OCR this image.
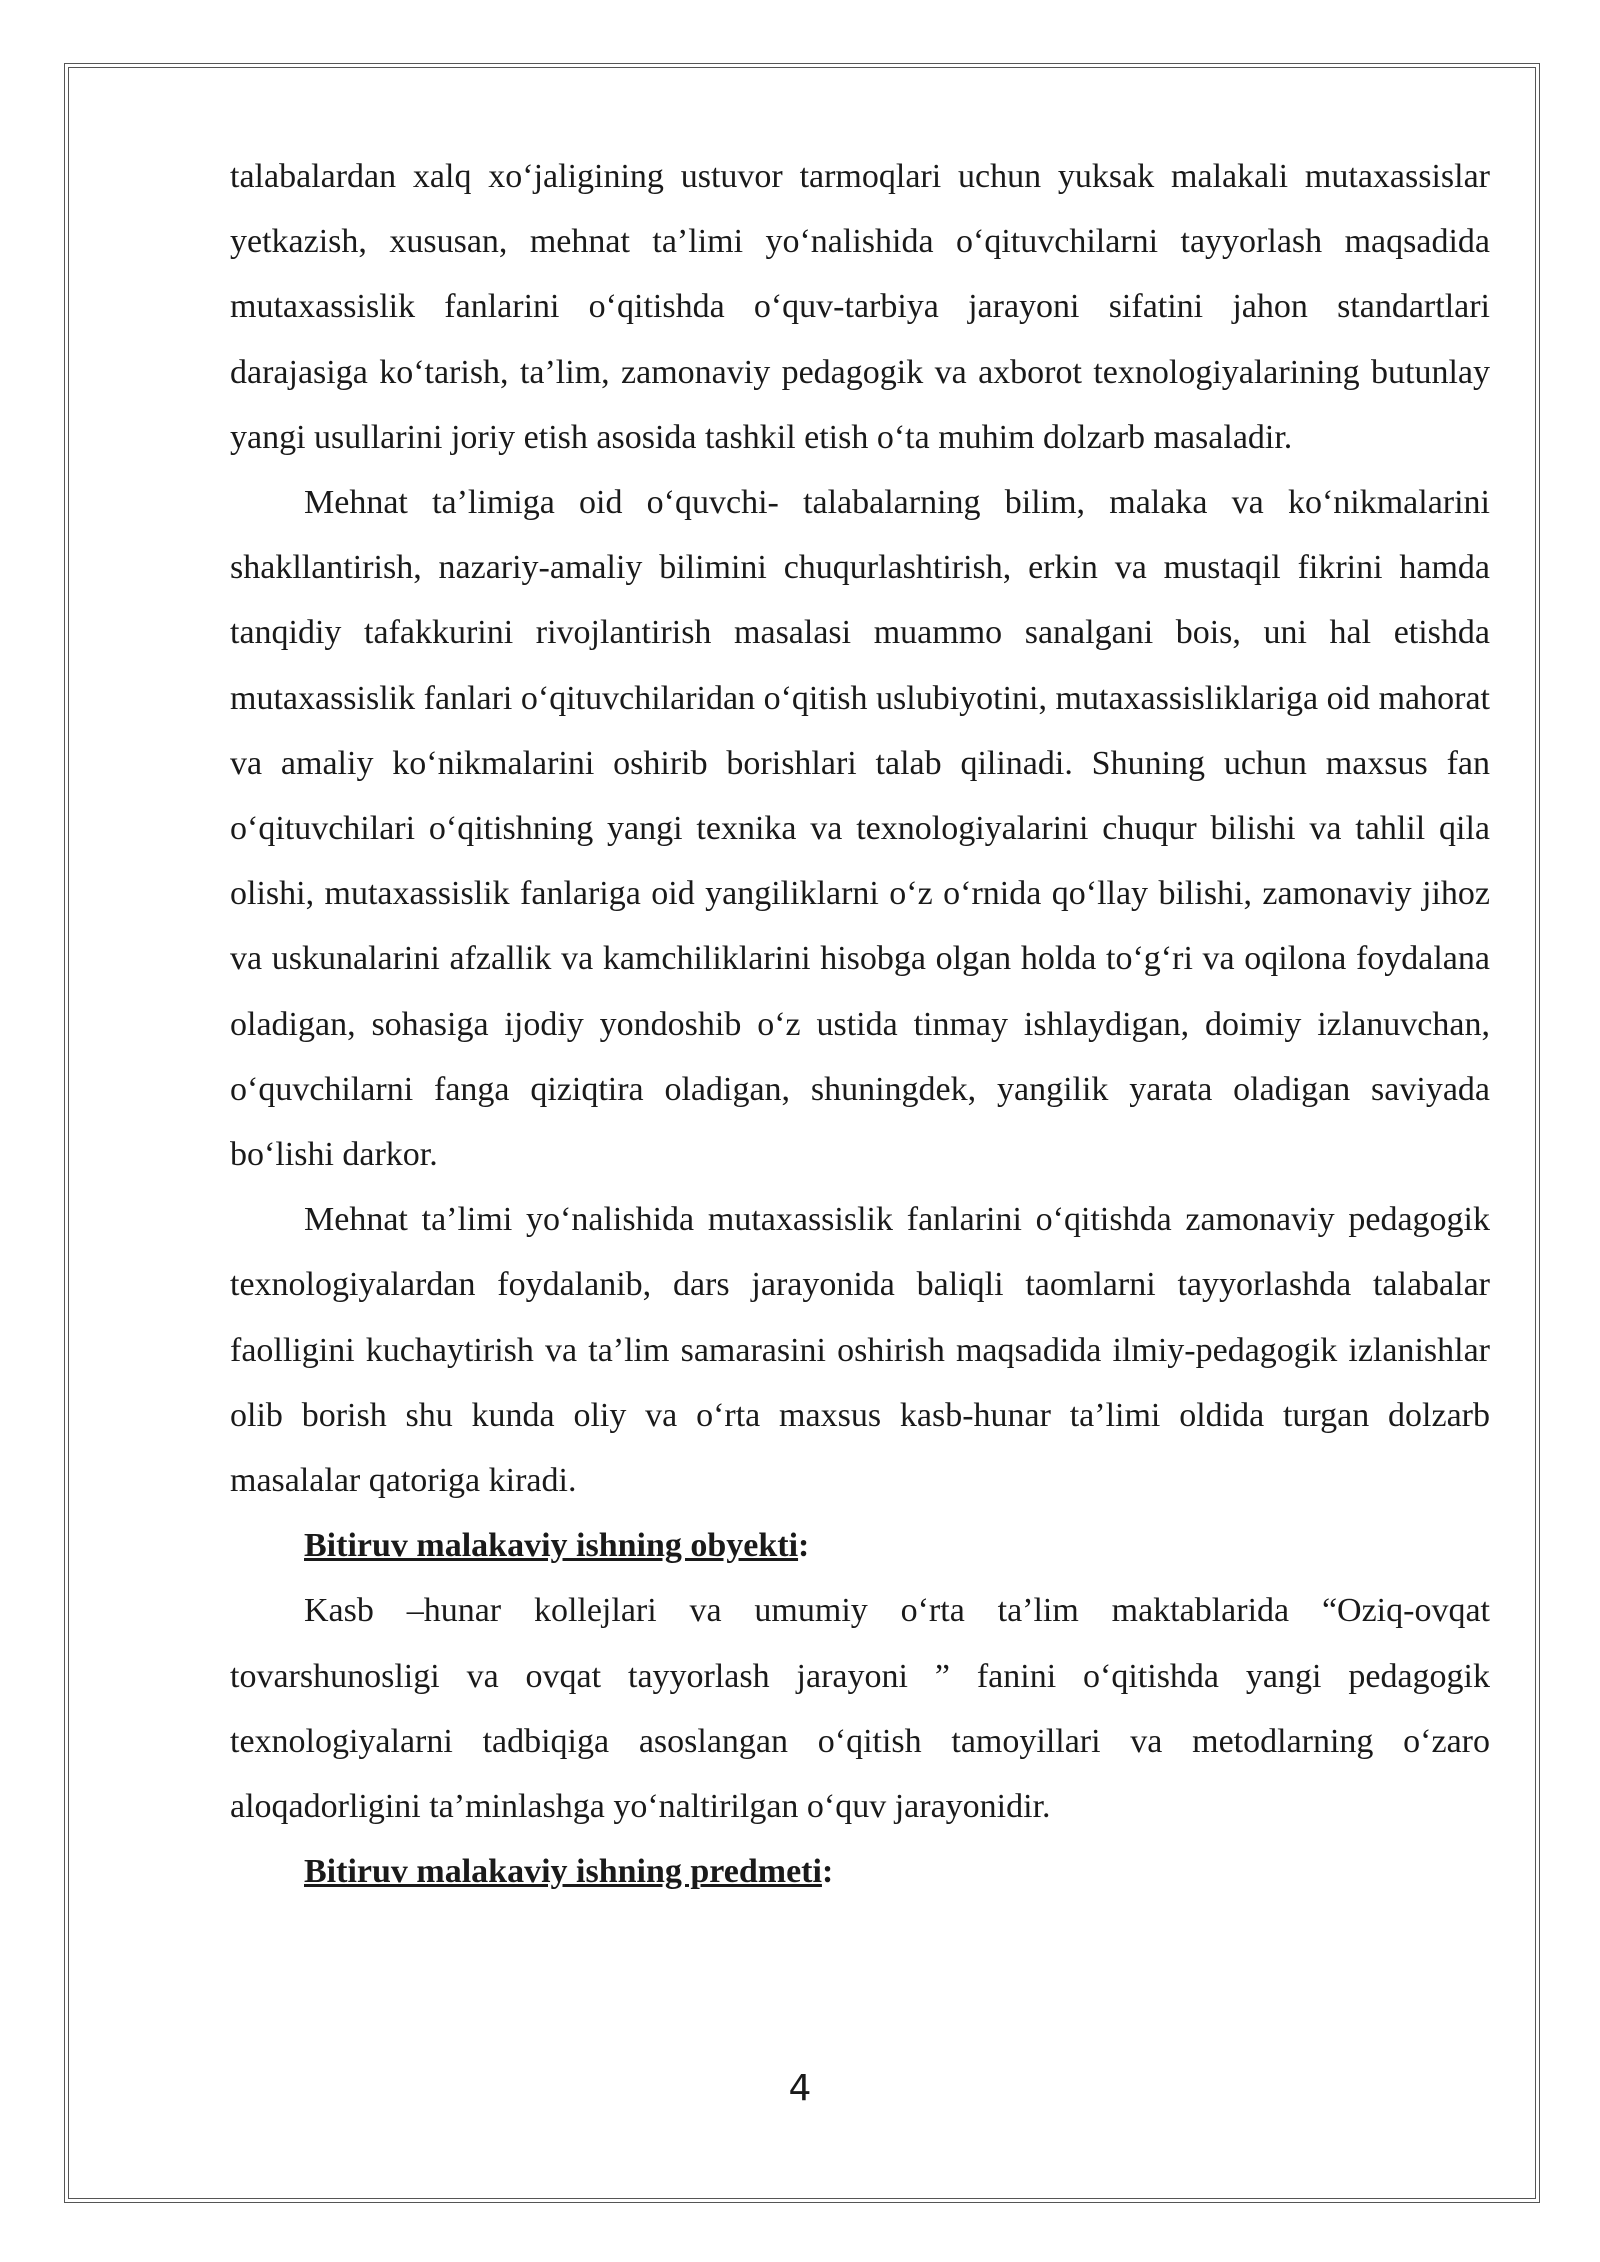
talabalardan xalq xo‘jaligining ustuvor tarmoqlari uchun yuksak malakali mutaxassislar yetkazish, xususan, mehnat ta’limi yo‘nalishida o‘qituvchilarni tayyorlash maqsadida mutaxassislik fanlarini o‘qitishda o‘quv-tarbiya jarayoni sifatini jahon standartlari darajasiga ko‘tarish, ta’lim, zamonaviy pedagogik va axborot texnologiyalarining butunlay yangi usullarini joriy etish asosida tashkil etish o‘ta muhim dolzarb masaladir.

Mehnat ta’limiga oid o‘quvchi- talabalarning bilim, malaka va ko‘nikmalarini shakllantirish, nazariy-amaliy bilimini chuqurlashtirish, erkin va mustaqil fikrini hamda tanqidiy tafakkurini rivojlantirish masalasi muammo sanalgani bois, uni hal etishda mutaxassislik fanlari o‘qituvchilaridan o‘qitish uslubiyotini, mutaxassisliklariga oid mahorat va amaliy ko‘nikmalarini oshirib borishlari talab qilinadi. Shuning uchun maxsus fan o‘qituvchilari o‘qitishning yangi texnika va texnologiyalarini chuqur bilishi va tahlil qila olishi, mutaxassislik fanlariga oid yangiliklarni o‘z o‘rnida qo‘llay bilishi, zamonaviy jihoz va uskunalarini afzallik va kamchiliklarini hisobga olgan holda to‘g‘ri va oqilona foydalana oladigan, sohasiga ijodiy yondoshib o‘z ustida tinmay ishlaydigan, doimiy izlanuvchan, o‘quvchilarni fanga qiziqtira oladigan, shuningdek, yangilik yarata oladigan saviyada bo‘lishi darkor.

Mehnat ta’limi yo‘nalishida mutaxassislik fanlarini o‘qitishda zamonaviy pedagogik texnologiyalardan foydalanib, dars jarayonida baliqli taomlarni tayyorlashda talabalar faolligini kuchaytirish va ta’lim samarasini oshirish maqsadida ilmiy-pedagogik izlanishlar olib borish shu kunda oliy va o‘rta maxsus kasb-hunar ta’limi oldida turgan dolzarb masalalar qatoriga kiradi.

Bitiruv malakaviy ishning obyekti:

Kasb –hunar kollejlari va umumiy o‘rta ta’lim maktablarida “Oziq-ovqat tovarshunosligi va ovqat tayyorlash jarayoni ” fanini o‘qitishda yangi pedagogik texnologiyalarni tadbiqiga asoslangan o‘qitish tamoyillari va metodlarning o‘zaro aloqadorligini ta’minlashga yo‘naltirilgan o‘quv jarayonidir.

Bitiruv malakaviy ishning predmeti:

4
